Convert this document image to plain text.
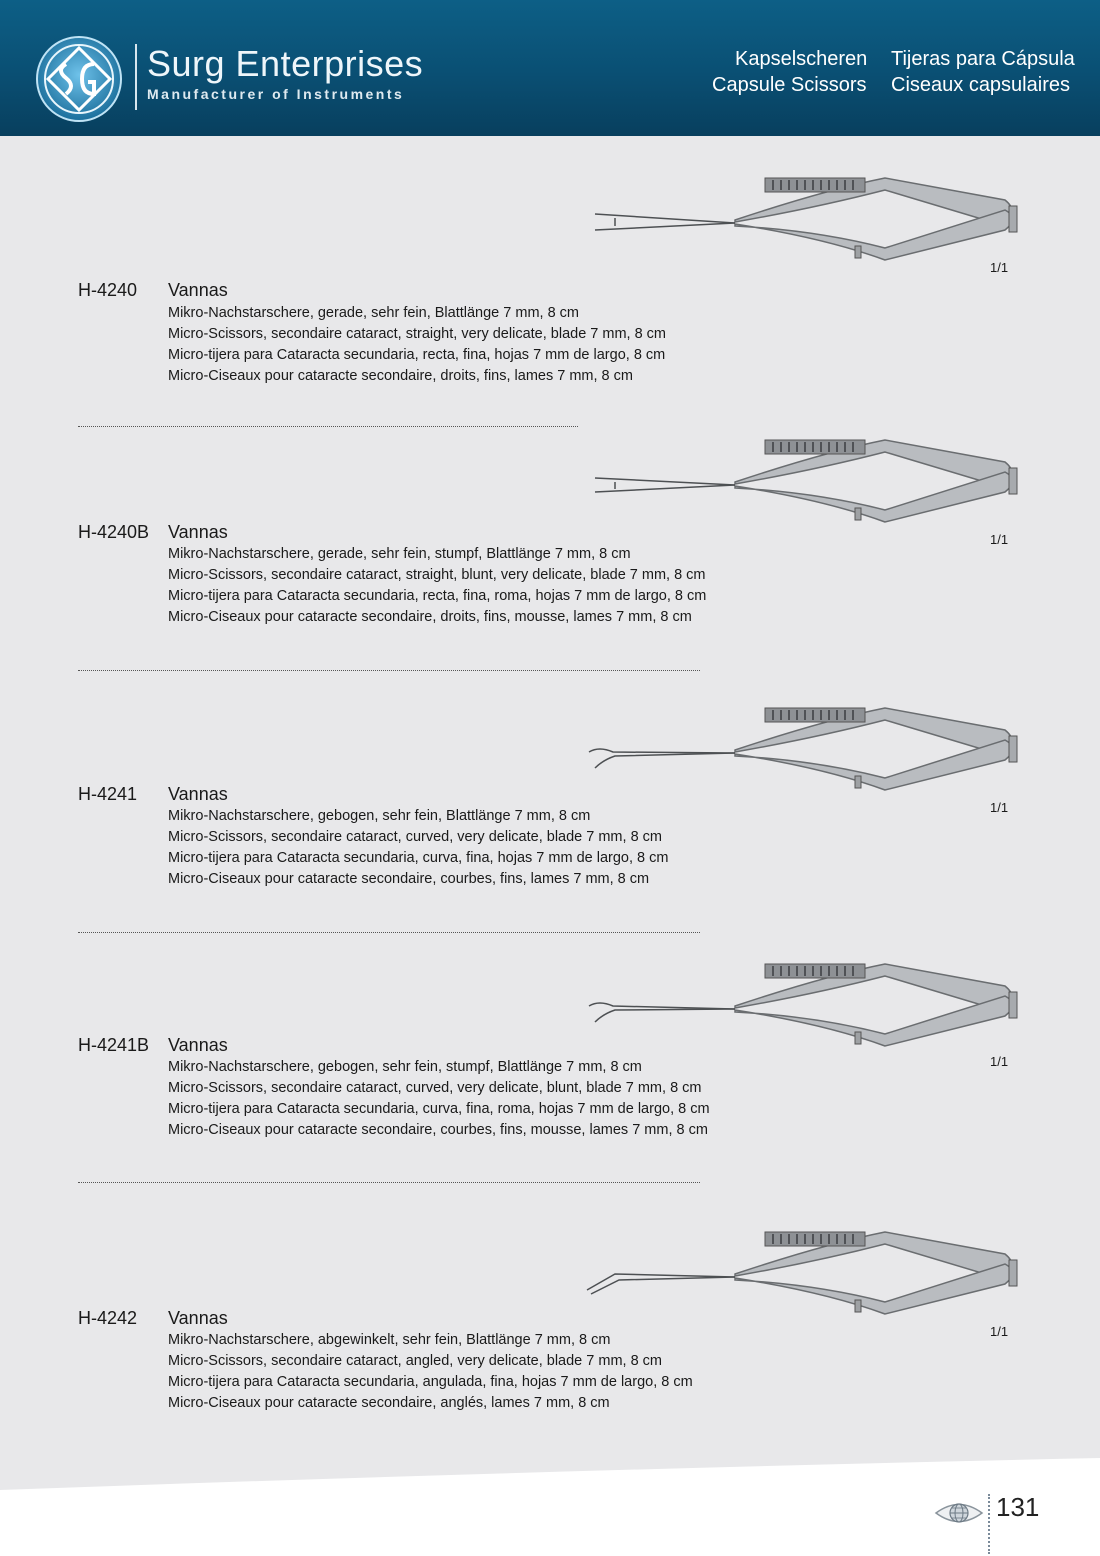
Surg Enterprises
Manufacturer of Instruments
Kapselscheren
Capsule Scissors
Tijeras para Cápsula
Ciseaux capsulaires
1/1
H-4240 Vannas
Mikro-Nachstarschere, gerade, sehr fein, Blattlänge 7 mm, 8 cm
Micro-Scissors, secondaire cataract, straight, very delicate, blade 7 mm, 8 cm
Micro-tijera para Cataracta secundaria, recta, fina, hojas 7 mm de largo, 8 cm
Micro-Ciseaux pour cataracte secondaire, droits, fins, lames 7 mm, 8 cm
1/1
H-4240B Vannas
Mikro-Nachstarschere, gerade, sehr fein, stumpf, Blattlänge 7 mm, 8 cm
Micro-Scissors, secondaire cataract, straight, blunt, very delicate, blade 7 mm, 8 cm
Micro-tijera para Cataracta secundaria, recta, fina, roma, hojas 7 mm de largo, 8 cm
Micro-Ciseaux pour cataracte secondaire, droits, fins, mousse, lames 7 mm, 8 cm
1/1
H-4241 Vannas
Mikro-Nachstarschere, gebogen, sehr fein, Blattlänge 7 mm, 8 cm
Micro-Scissors, secondaire cataract, curved, very delicate, blade 7 mm, 8 cm
Micro-tijera para Cataracta secundaria, curva, fina, hojas 7 mm de largo, 8 cm
Micro-Ciseaux pour cataracte secondaire, courbes, fins, lames 7 mm, 8 cm
1/1
H-4241B Vannas
Mikro-Nachstarschere, gebogen, sehr fein, stumpf, Blattlänge 7 mm, 8 cm
Micro-Scissors, secondaire cataract, curved, very delicate, blunt, blade 7 mm, 8 cm
Micro-tijera para Cataracta secundaria, curva, fina, roma, hojas 7 mm de largo, 8 cm
Micro-Ciseaux pour cataracte secondaire, courbes, fins, mousse, lames 7 mm, 8 cm
1/1
H-4242 Vannas
Mikro-Nachstarschere, abgewinkelt, sehr fein, Blattlänge 7 mm, 8 cm
Micro-Scissors, secondaire cataract, angled, very delicate, blade 7 mm, 8 cm
Micro-tijera para Cataracta secundaria, angulada, fina, hojas 7 mm de largo, 8 cm
Micro-Ciseaux pour cataracte secondaire, anglés, lames 7 mm, 8 cm
131
